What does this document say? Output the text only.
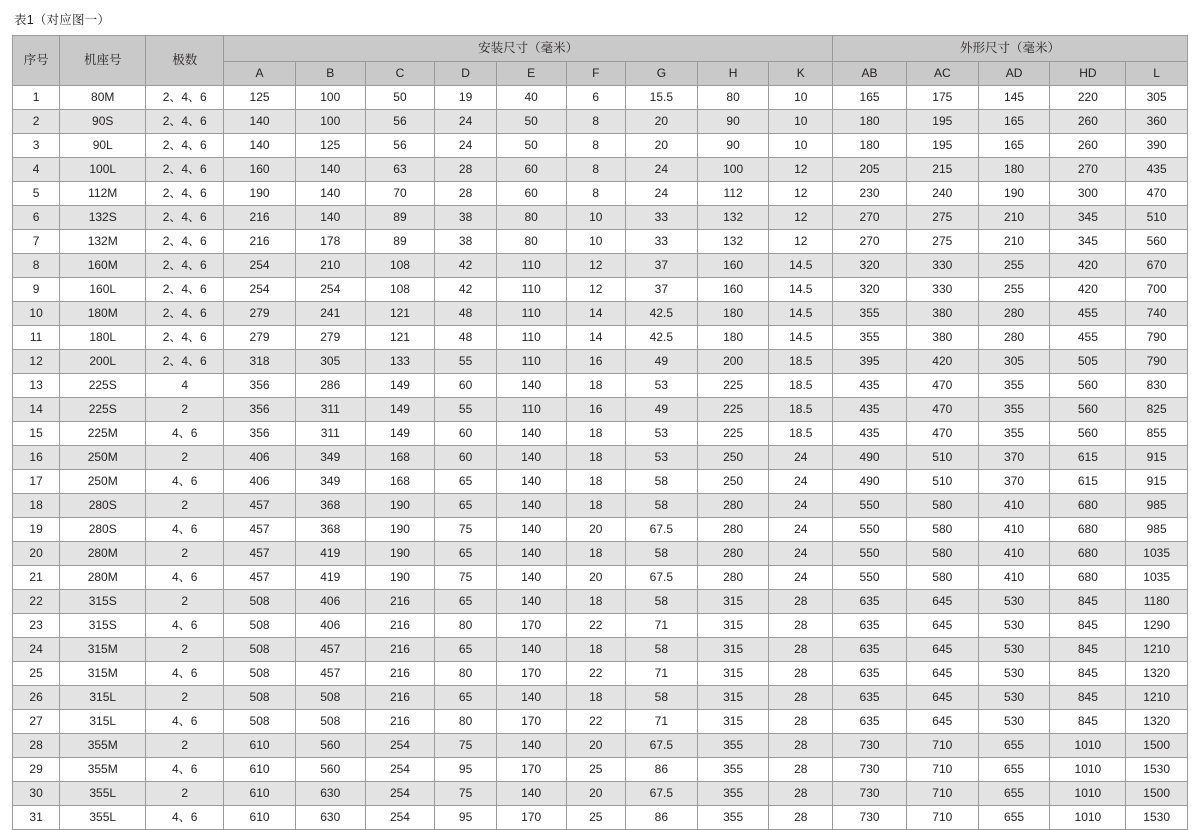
表1（对应图一）
序号	机座号	极数	安装尺寸（毫米）									外形尺寸（毫米）				
			A	B	C	D	E	F	G	H	K	AB	AC	AD	HD	L
1	80M	2、4、6	125	100	50	19	40	6	15.5	80	10	165	175	145	220	305
2	90S	2、4、6	140	100	56	24	50	8	20	90	10	180	195	165	260	360
3	90L	2、4、6	140	125	56	24	50	8	20	90	10	180	195	165	260	390
4	100L	2、4、6	160	140	63	28	60	8	24	100	12	205	215	180	270	435
5	112M	2、4、6	190	140	70	28	60	8	24	112	12	230	240	190	300	470
6	132S	2、4、6	216	140	89	38	80	10	33	132	12	270	275	210	345	510
7	132M	2、4、6	216	178	89	38	80	10	33	132	12	270	275	210	345	560
8	160M	2、4、6	254	210	108	42	110	12	37	160	14.5	320	330	255	420	670
9	160L	2、4、6	254	254	108	42	110	12	37	160	14.5	320	330	255	420	700
10	180M	2、4、6	279	241	121	48	110	14	42.5	180	14.5	355	380	280	455	740
11	180L	2、4、6	279	279	121	48	110	14	42.5	180	14.5	355	380	280	455	790
12	200L	2、4、6	318	305	133	55	110	16	49	200	18.5	395	420	305	505	790
13	225S	4	356	286	149	60	140	18	53	225	18.5	435	470	355	560	830
14	225S	2	356	311	149	55	110	16	49	225	18.5	435	470	355	560	825
15	225M	4、6	356	311	149	60	140	18	53	225	18.5	435	470	355	560	855
16	250M	2	406	349	168	60	140	18	53	250	24	490	510	370	615	915
17	250M	4、6	406	349	168	65	140	18	58	250	24	490	510	370	615	915
18	280S	2	457	368	190	65	140	18	58	280	24	550	580	410	680	985
19	280S	4、6	457	368	190	75	140	20	67.5	280	24	550	580	410	680	985
20	280M	2	457	419	190	65	140	18	58	280	24	550	580	410	680	1035
21	280M	4、6	457	419	190	75	140	20	67.5	280	24	550	580	410	680	1035
22	315S	2	508	406	216	65	140	18	58	315	28	635	645	530	845	1180
23	315S	4、6	508	406	216	80	170	22	71	315	28	635	645	530	845	1290
24	315M	2	508	457	216	65	140	18	58	315	28	635	645	530	845	1210
25	315M	4、6	508	457	216	80	170	22	71	315	28	635	645	530	845	1320
26	315L	2	508	508	216	65	140	18	58	315	28	635	645	530	845	1210
27	315L	4、6	508	508	216	80	170	22	71	315	28	635	645	530	845	1320
28	355M	2	610	560	254	75	140	20	67.5	355	28	730	710	655	1010	1500
29	355M	4、6	610	560	254	95	170	25	86	355	28	730	710	655	1010	1530
30	355L	2	610	630	254	75	140	20	67.5	355	28	730	710	655	1010	1500
31	355L	4、6	610	630	254	95	170	25	86	355	28	730	710	655	1010	1530
